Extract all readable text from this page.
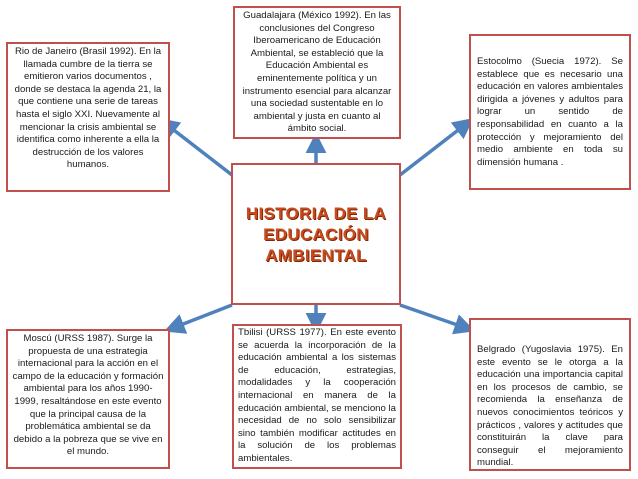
Rio de Janeiro (Brasil 1992). En la llamada cumbre de la tierra se emitieron varios documentos , donde se destaca la agenda 21, la que contiene una serie de tareas hasta el siglo XXI. Nuevamente al mencionar la crisis ambiental se identifica como inherente a ella la destrucción de los valores humanos.
Guadalajara (México 1992). En las conclusiones del Congreso Iberoamericano de Educación Ambiental, se estableció que la Educación Ambiental es eminentemente política y un instrumento esencial para alcanzar una sociedad sustentable en lo ambiental y justa en cuanto al ámbito social.
Estocolmo (Suecia 1972). Se establece que es necesario una educación en valores ambientales dirigida a jóvenes y adultos para lograr un sentido de responsabilidad en cuanto a la protección y mejoramiento del medio ambiente en toda su dimensión humana .
HISTORIA DE LA
EDUCACIÓN AMBIENTAL
Moscú (URSS 1987). Surge la propuesta de una estrategia internacional para la acción en el campo de la educación y formación ambiental para los años 1990-1999, resaltándose en este evento que la principal causa de la problemática ambiental se da debido a la pobreza que se vive en el mundo.
Tbilisi (URSS 1977). En este evento se acuerda la incorporación de la educación ambiental a los sistemas de educación, estrategias, modalidades y la cooperación internacional en manera de la educación ambiental, se menciono la necesidad de no solo sensibilizar sino también modificar actitudes en la solución de los problemas ambientales.
Belgrado (Yugoslavia 1975). En este evento se le otorga a la educación una importancia capital en los procesos de cambio, se recomienda la enseñanza de nuevos conocimientos teóricos y prácticos , valores y actitudes que constituirán la clave para conseguir el mejoramiento mundial.
